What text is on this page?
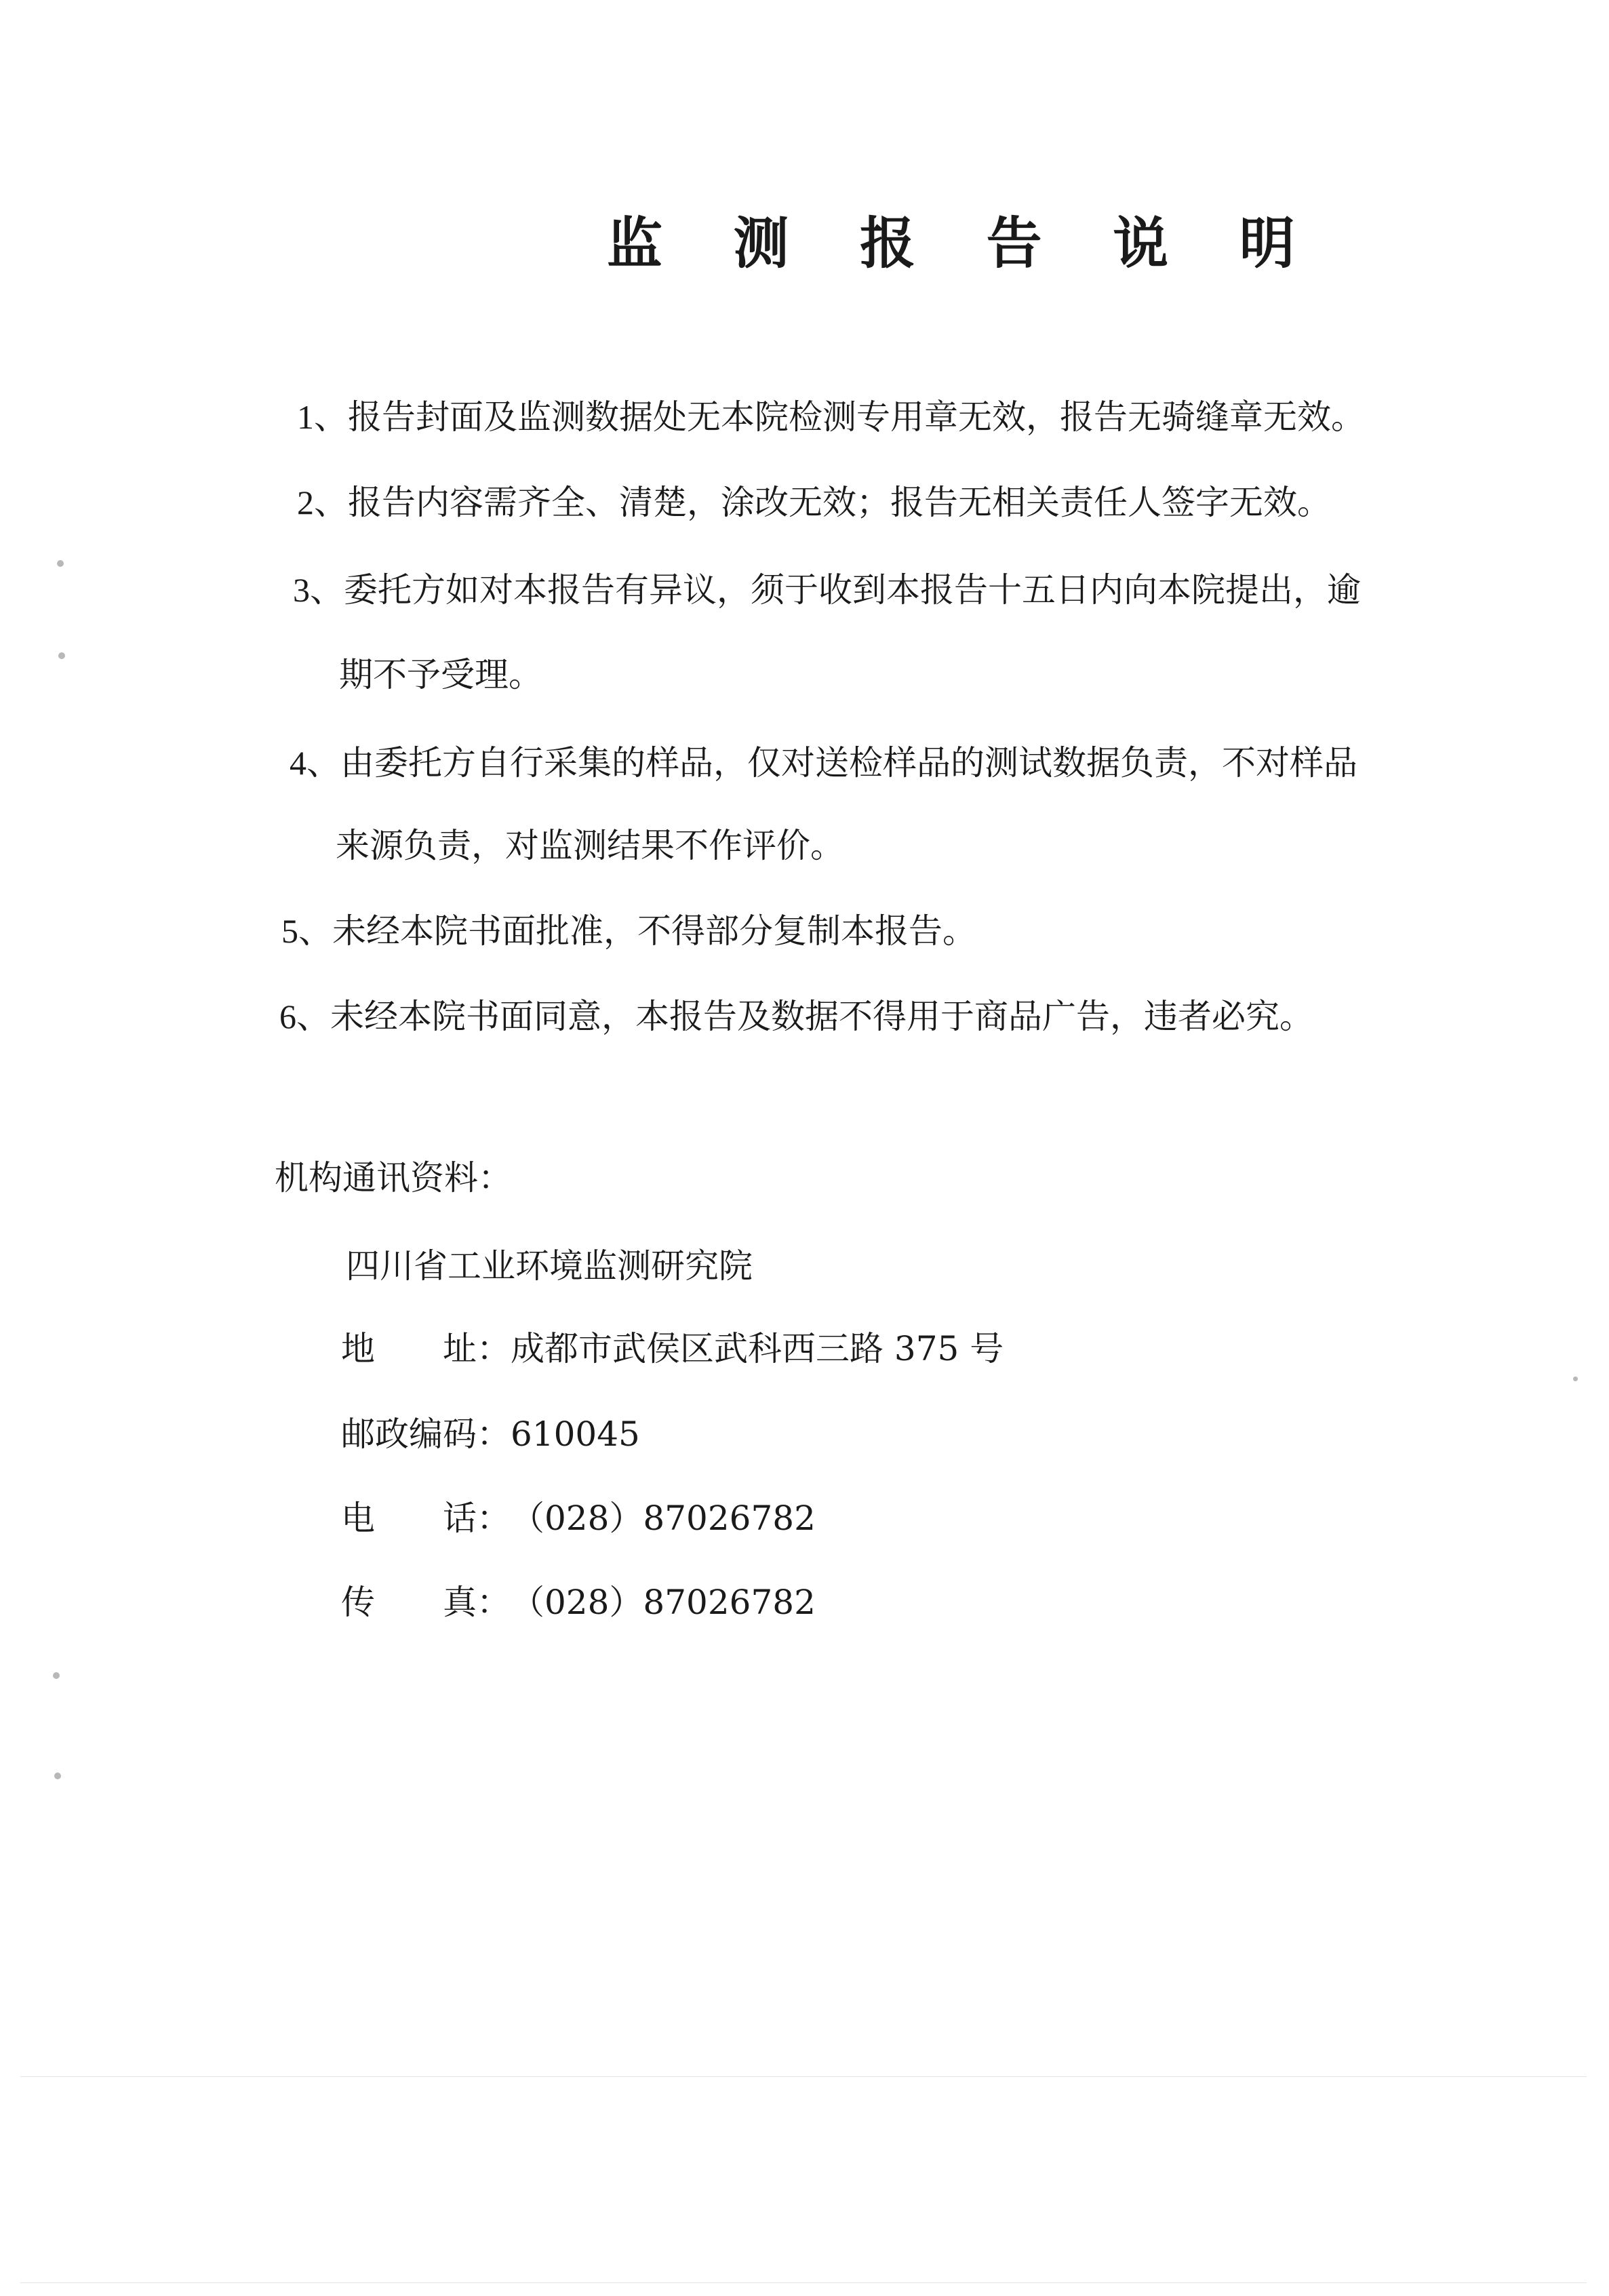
监 测 报 告 说 明
1、报告封面及监测数据处无本院检测专用章无效，报告无骑缝章无效。
2、报告内容需齐全、清楚，涂改无效；报告无相关责任人签字无效。
3、委托方如对本报告有异议，须于收到本报告十五日内向本院提出，逾
期不予受理。
4、由委托方自行采集的样品，仅对送检样品的测试数据负责，不对样品
来源负责，对监测结果不作评价。
5、未经本院书面批准，不得部分复制本报告。
6、未经本院书面同意，本报告及数据不得用于商品广告，违者必究。
机构通讯资料：
四川省工业环境监测研究院
地　　址：成都市武侯区武科西三路 375 号
邮政编码：610045
电　　话：（028）87026782
传　　真：（028）87026782
